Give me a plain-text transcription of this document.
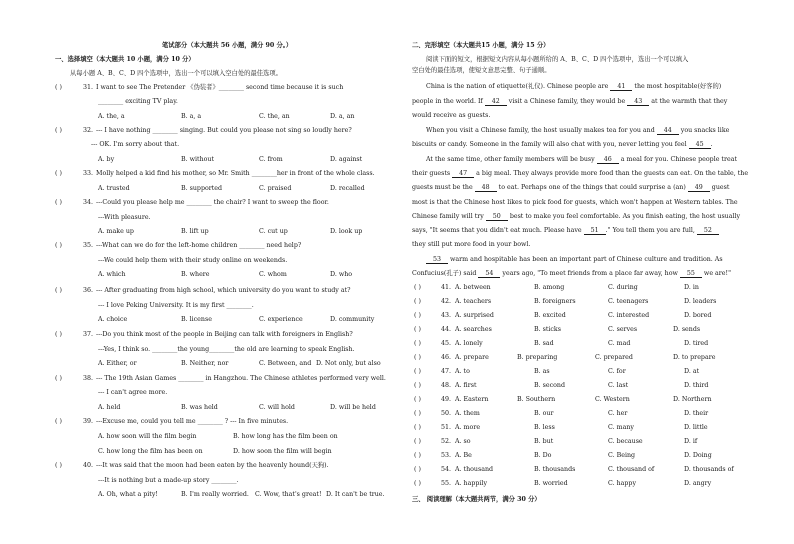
笔试部分（本大题共 56 小题，满分 90 分。）
一、选择填空（本大题共 10 小题，满分 10 分）
从每小题 A、B、C、D 四个选项中，选出一个可以填入空白处的最佳选项。
( )	31. I want to see The Pretender 《伪装者》________ second time because it is such
________ exciting TV play.
A. the, a	B. a, a	C. the, an	D. a, an
( )	32. --- I have nothing ________ singing. But could you please not sing so loudly here?
--- OK. I'm sorry about that.
A. by	B. without	C. from	D. against
( )	33. Molly helped a kid find his mother, so Mr. Smith ________her in front of the whole class.
A. trusted	B. supported	C. praised	D. recalled
( )	34. ---Could you please help me ________ the chair? I want to sweep the floor.
---With pleasure.
A. make up	B. lift up	C. cut up	D. look up
( )	35. ---What can we do for the left-home children ________ need help?
---We could help them with their study online on weekends.
A. which	B. where	C. whom	D. who
( )	36. --- After graduating from high school, which university do you want to study at?
--- I love Peking University. It is my first ________.
A. choice	B. license	C. experience	D. community
( )	37. ---Do you think most of the people in Beijing can talk with foreigners in English?
---Yes, I think so. ________the young________the old are learning to speak English.
A. Either, or	B. Neither, nor	C. Between, and D. Not only, but also
( )	38. --- The 19th Asian Games ________ in Hangzhou. The Chinese athletes performed very well.
--- I can't agree more.
A. held	B. was held	C. will hold	D. will be held
( )	39. ---Excuse me, could you tell me ________ ? --- In five minutes.
A. how soon will the film begin	B. how long has the film been on
C. how long the film has been on	D. how soon the film will begin
( )	40. ---It was said that the moon had been eaten by the heavenly hound(天狗).
---It is nothing but a made-up story ________.
A. Oh, what a pity!	B. I'm really worried. C. Wow, that's great! D. It can't be true.
二、完形填空（本大题共15 小题，满分 15 分）
阅读下面的短文，根据短文内容从每小题所给的 A、B、C、D 四个选项中，选出一个可以填入
空白处的最佳选项，使短文意思完整、句子通顺。
China is the nation of etiquette(礼仪). Chinese people are 41 the most hospitable(好客的)
people in the world. If 42 visit a Chinese family, they would be 43 at the warmth that they
would receive as guests.
When you visit a Chinese family, the host usually makes tea for you and 44 you snacks like
biscuits or candy. Someone in the family will also chat with you, never letting you feel 45 .
At the same time, other family members will be busy 46 a meal for you. Chinese people treat
their guests 47 a big meal. They always provide more food than the guests can eat. On the table, the
guests must be the 48 to eat. Perhaps one of the things that could surprise a (an) 49 guest
most is that the Chinese host likes to pick food for guests, which won't happen at Western tables. The
Chinese family will try 50 best to make you feel comfortable. As you finish eating, the host usually
says, "It seems that you didn't eat much. Please have 51 ." You tell them you are full, 52
they still put more food in your bowl.
53 warm and hospitable has been an important part of Chinese culture and tradition. As
Confucius(孔子) said 54 years ago, "To meet friends from a place far away, how 55 we are!"
( )	41. A. between	B. among	C. during	D. in
( )	42. A. teachers	B. foreigners	C. teenagers	D. leaders
( )	43. A. surprised	B. excited	C. interested	D. bored
( )	44. A. searches	B. sticks	C. serves	D. sends
( )	45. A. lonely	B. sad	C. mad	D. tired
( )	46. A. prepare	B. preparing	C. prepared	D. to prepare
( )	47. A. to	B. as	C. for	D. at
( )	48. A. first	B. second	C. last	D. third
( )	49. A. Eastern	B. Southern	C. Western	D. Northern
( )	50. A. them	B. our	C. her	D. their
( )	51. A. more	B. less	C. many	D. little
( )	52. A. so	B. but	C. because	D. if
( )	53. A. Be	B. Do	C. Being	D. Doing
( )	54. A. thousand	B. thousands	C. thousand of	D. thousands of
( )	55. A. happily	B. worried	C. happy	D. angry
三、 阅读理解（本大题共两节，满分 30 分）
